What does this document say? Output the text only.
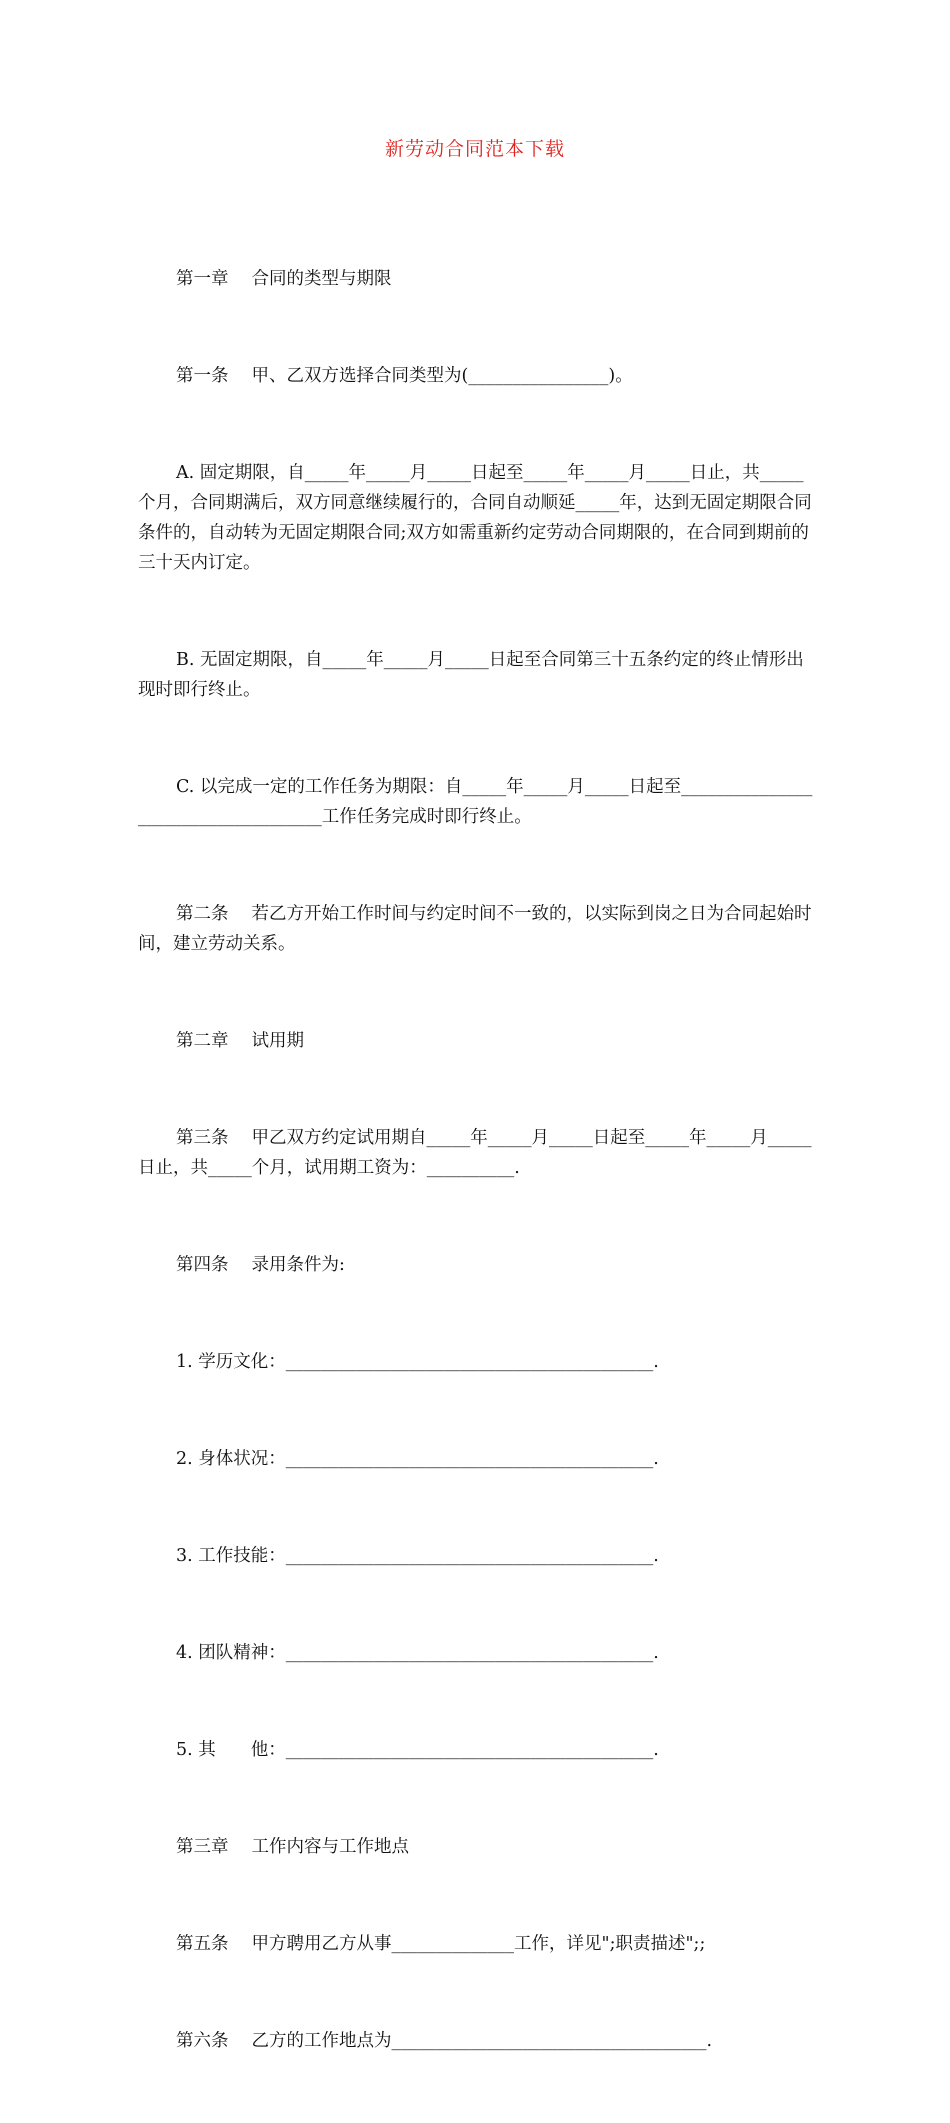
新劳动合同范本下载

第一章　 合同的类型与期限

第一条　 甲、乙双方选择合同类型为(________________)。

A. 固定期限，自_____年_____月_____日起至_____年_____月_____日止，共_____个月，合同期满后，双方同意继续履行的，合同自动顺延_____年，达到无固定期限合同条件的，自动转为无固定期限合同;双方如需重新约定劳动合同期限的，在合同到期前的三十天内订定。

B. 无固定期限，自_____年_____月_____日起至合同第三十五条约定的终止情形出现时即行终止。

C. 以完成一定的工作任务为期限：自_____年_____月_____日起至____________________________________工作任务完成时即行终止。

第二条　 若乙方开始工作时间与约定时间不一致的，以实际到岗之日为合同起始时间，建立劳动关系。

第二章　 试用期

第三条　 甲乙双方约定试用期自_____年_____月_____日起至_____年_____月_____日止，共_____个月，试用期工资为：__________.

第四条　 录用条件为:

1. 学历文化：__________________________________________.

2. 身体状况：__________________________________________.

3. 工作技能：__________________________________________.

4. 团队精神：__________________________________________.

5. 其　　他：__________________________________________.

第三章　 工作内容与工作地点

第五条　 甲方聘用乙方从事______________工作，详见";职责描述";;

第六条　 乙方的工作地点为____________________________________.
